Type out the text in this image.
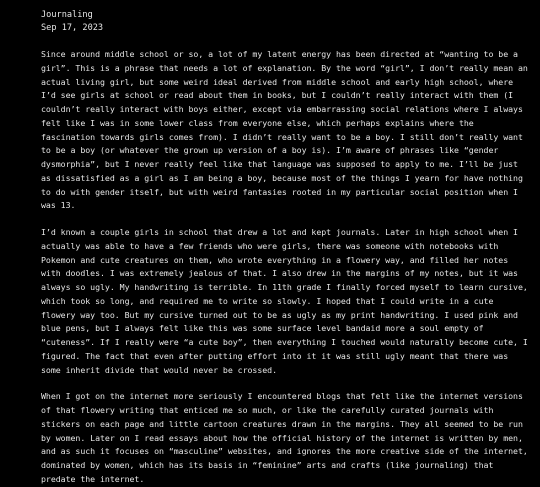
Journaling
Sep 17, 2023

Since around middle school or so, a lot of my latent energy has been directed at “wanting to be a girl”. This is a phrase that needs a lot of explanation. By the word “girl”, I don’t really mean an actual living girl, but some weird ideal derived from middle school and early high school, where I’d see girls at school or read about them in books, but I couldn’t really interact with them (I couldn’t really interact with boys either, except via embarrassing social relations where I always felt like I was in some lower class from everyone else, which perhaps explains where the fascination towards girls comes from). I didn’t really want to be a boy. I still don’t really want to be a boy (or whatever the grown up version of a boy is). I’m aware of phrases like “gender dysmorphia”, but I never really feel like that language was supposed to apply to me. I’ll be just as dissatisfied as a girl as I am being a boy, because most of the things I yearn for have nothing to do with gender itself, but with weird fantasies rooted in my particular social position when I was 13.

I’d known a couple girls in school that drew a lot and kept journals. Later in high school when I actually was able to have a few friends who were girls, there was someone with notebooks with Pokemon and cute creatures on them, who wrote everything in a flowery way, and filled her notes with doodles. I was extremely jealous of that. I also drew in the margins of my notes, but it was always so ugly. My handwriting is terrible. In 11th grade I finally forced myself to learn cursive, which took so long, and required me to write so slowly. I hoped that I could write in a cute flowery way too. But my cursive turned out to be as ugly as my print handwriting. I used pink and blue pens, but I always felt like this was some surface level bandaid more a soul empty of “cuteness”. If I really were “a cute boy”, then everything I touched would naturally become cute, I figured. The fact that even after putting effort into it it was still ugly meant that there was some inherit divide that would never be crossed.

When I got on the internet more seriously I encountered blogs that felt like the internet versions of that flowery writing that enticed me so much, or like the carefully curated journals with stickers on each page and little cartoon creatures drawn in the margins. They all seemed to be run by women. Later on I read essays about how the official history of the internet is written by men, and as such it focuses on “masculine” websites, and ignores the more creative side of the internet, dominated by women, which has its basis in “feminine” arts and crafts (like journaling) that predate the internet.
